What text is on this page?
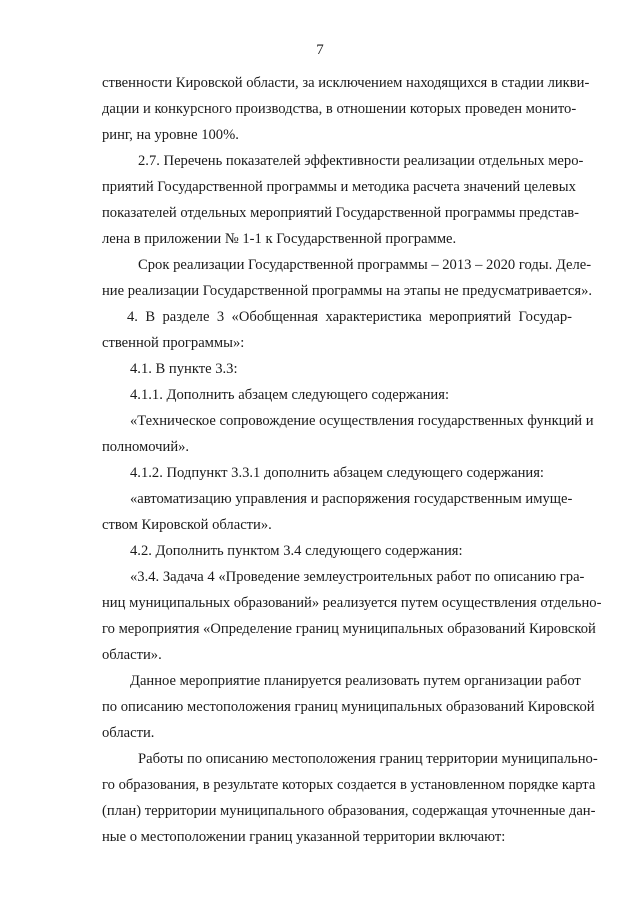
7
ственности Кировской области, за исключением находящихся в стадии ликви-
дации и конкурсного производства, в отношении которых проведен монито-
ринг, на уровне 100%.
2.7. Перечень показателей эффективности реализации отдельных меро-
приятий Государственной программы и методика расчета значений целевых
показателей отдельных мероприятий Государственной программы представ-
лена в приложении № 1-1 к Государственной программе.
Срок реализации Государственной программы – 2013 – 2020 годы. Деле-
ние реализации Государственной программы на этапы не предусматривается».
4. В разделе 3 «Обобщенная характеристика мероприятий Государ-
ственной программы»:
4.1. В пункте 3.3:
4.1.1. Дополнить абзацем следующего содержания:
«Техническое сопровождение осуществления государственных функций и
полномочий».
4.1.2. Подпункт 3.3.1 дополнить абзацем следующего содержания:
«автоматизацию управления и распоряжения государственным имуще-
ством Кировской области».
4.2. Дополнить пунктом 3.4 следующего содержания:
«3.4. Задача 4 «Проведение землеустроительных работ по описанию гра-
ниц муниципальных образований» реализуется путем осуществления отдельно-
го мероприятия «Определение границ муниципальных образований Кировской
области».
Данное мероприятие планируется реализовать путем организации работ
по описанию местоположения границ муниципальных образований Кировской
области.
Работы по описанию местоположения границ территории муниципально-
го образования, в результате которых создается в установленном порядке карта
(план) территории муниципального образования, содержащая уточненные дан-
ные о местоположении границ указанной территории включают:
